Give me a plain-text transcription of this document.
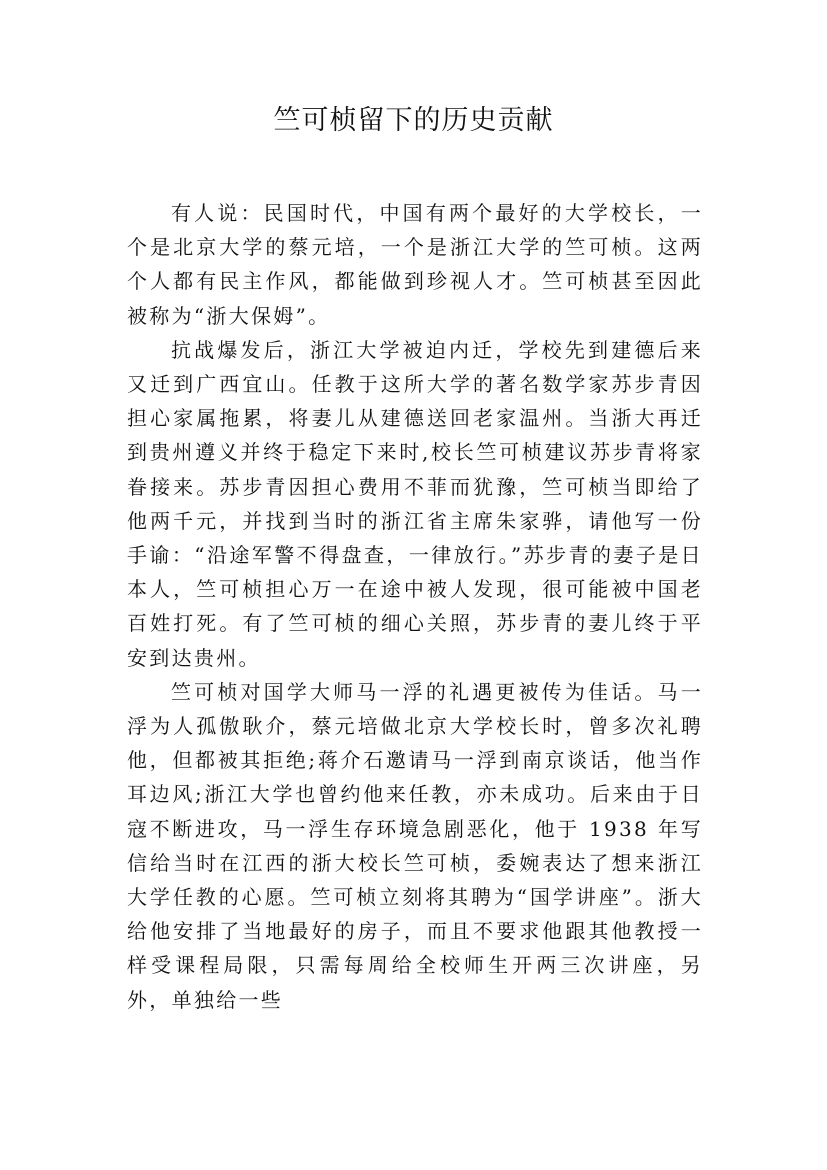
竺可桢留下的历史贡献

有人说：民国时代，中国有两个最好的大学校长，一个是北京大学的蔡元培，一个是浙江大学的竺可桢。这两个人都有民主作风，都能做到珍视人才。竺可桢甚至因此被称为“浙大保姆”。

抗战爆发后，浙江大学被迫内迁，学校先到建德后来又迁到广西宜山。任教于这所大学的著名数学家苏步青因担心家属拖累，将妻儿从建德送回老家温州。当浙大再迁到贵州遵义并终于稳定下来时,校长竺可桢建议苏步青将家眷接来。苏步青因担心费用不菲而犹豫，竺可桢当即给了他两千元，并找到当时的浙江省主席朱家骅，请他写一份手谕：“沿途军警不得盘查，一律放行。”苏步青的妻子是日本人，竺可桢担心万一在途中被人发现，很可能被中国老百姓打死。有了竺可桢的细心关照，苏步青的妻儿终于平安到达贵州。

竺可桢对国学大师马一浮的礼遇更被传为佳话。马一浮为人孤傲耿介，蔡元培做北京大学校长时，曾多次礼聘他，但都被其拒绝;蒋介石邀请马一浮到南京谈话，他当作耳边风;浙江大学也曾约他来任教，亦未成功。后来由于日寇不断进攻，马一浮生存环境急剧恶化，他于 1938 年写信给当时在江西的浙大校长竺可桢，委婉表达了想来浙江大学任教的心愿。竺可桢立刻将其聘为“国学讲座”。浙大给他安排了当地最好的房子，而且不要求他跟其他教授一样受课程局限，只需每周给全校师生开两三次讲座，另外，单独给一些
